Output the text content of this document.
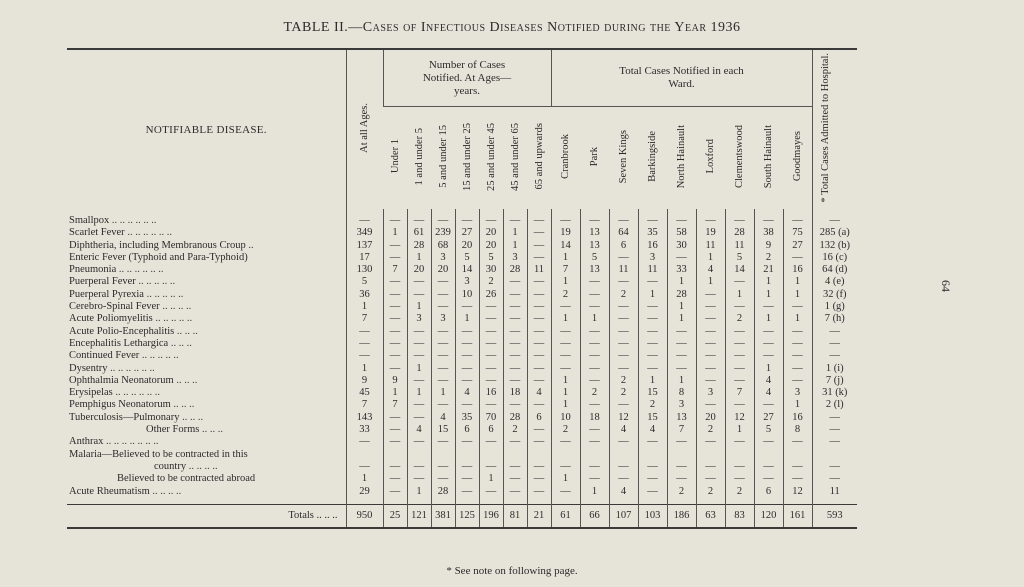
TABLE II.—Cases of Infectious Diseases Notified during the Year 1936
NOTIFIABLE DISEASE.	At all Ages.	Number of Cases Notified. At Ages—years.							Total Cases Notified in each Ward.									* Total Cases Admitted to Hospital.
		Under 1	1 and under 5	5 and under 15	15 and under 25	25 and under 45	45 and under 65	65 and upwards	Cranbrook	Park	Seven Kings	Barkingside	North Hainault	Loxford	Clementswood	South Hainault	Goodmayes	
Smallpox .. .. .. .. .. ..	—	—	—	—	—	—	—	—	—	—	—	—	—	—	—	—	—	—
Scarlet Fever .. .. .. .. .. ..	349	1	61	239	27	20	1	—	19	13	64	35	58	19	28	38	75	285 (a)
Diphtheria, including Membranous Croup ..	137	—	28	68	20	20	1	—	14	13	6	16	30	11	11	9	27	132 (b)
Enteric Fever (Typhoid and Para-Typhoid)	17	—	1	3	5	5	3	—	1	5	—	3	—	1	5	2	—	16 (c)
Pneumonia .. .. .. .. .. ..	130	7	20	20	14	30	28	11	7	13	11	11	33	4	14	21	16	64 (d)
Puerperal Fever .. .. .. .. ..	5	—	—	—	3	2	—	—	1	—	—	—	1	1	—	1	1	4 (e)
Puerperal Pyrexia .. .. .. .. ..	36	—	—	—	10	26	—	—	2	—	2	1	28	—	1	1	1	32 (f)
Cerebro-Spinal Fever .. .. .. ..	1	—	1	—	—	—	—	—	—	—	—	—	1	—	—	—	—	1 (g)
Acute Poliomyelitis .. .. .. .. ..	7	—	3	3	1	—	—	—	1	1	—	—	1	—	2	1	1	7 (h)
Acute Polio-Encephalitis .. .. ..	—	—	—	—	—	—	—	—	—	—	—	—	—	—	—	—	—	—
Encephalitis Lethargica .. .. ..	—	—	—	—	—	—	—	—	—	—	—	—	—	—	—	—	—	—
Continued Fever .. .. .. .. ..	—	—	—	—	—	—	—	—	—	—	—	—	—	—	—	—	—	—
Dysentry .. .. .. .. .. ..	1	—	1	—	—	—	—	—	—	—	—	—	—	—	—	1	—	1 (i)
Ophthalmia Neonatorum .. .. ..	9	9	—	—	—	—	—	—	1	—	2	1	1	—	—	4	—	7 (j)
Erysipelas .. .. .. .. .. ..	45	1	1	1	4	16	18	4	1	2	2	15	8	3	7	4	3	31 (k)
Pemphigus Neonatorum .. .. ..	7	7	—	—	—	—	—	—	1	—	—	2	3	—	—	—	1	2 (l)
Tuberculosis—Pulmonary .. .. ..	143	—	—	4	35	70	28	6	10	18	12	15	13	20	12	27	16	—
Other Forms .. .. ..	33	—	4	15	6	6	2	—	2	—	4	4	7	2	1	5	8	—
Anthrax .. .. .. .. .. .. ..	—	—	—	—	—	—	—	—	—	—	—	—	—	—	—	—	—	—
Malaria—Believed to be contracted in this																		
country .. .. .. ..	—	—	—	—	—	—	—	—	—	—	—	—	—	—	—	—	—	—
Believed to be contracted abroad	1	—	—	—	—	1	—	—	1	—	—	—	—	—	—	—	—	—
Acute Rheumatism .. .. .. ..	29	—	1	28	—	—	—	—	—	1	4	—	2	2	2	6	12	11
Totals .. .. ..	950	25	121	381	125	196	81	21	61	66	107	103	186	63	83	120	161	593
64
* See note on following page.
